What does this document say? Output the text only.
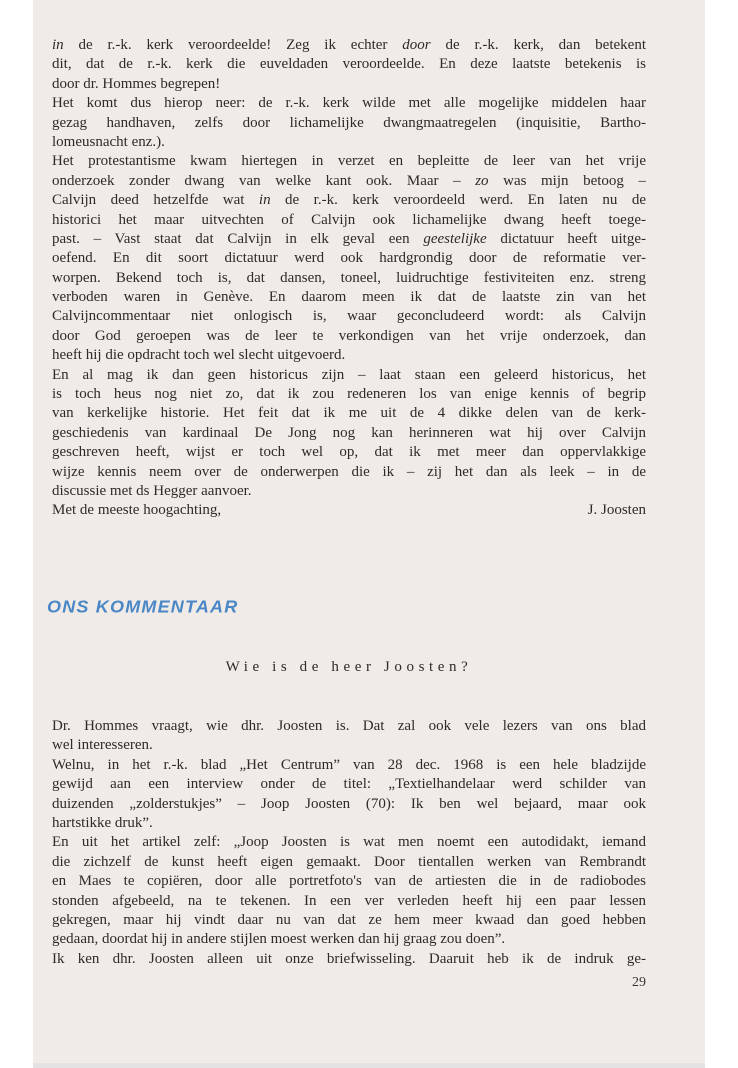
in de r.-k. kerk veroordeelde! Zeg ik echter door de r.-k. kerk, dan betekent
dit, dat de r.-k. kerk die euveldaden veroordeelde. En deze laatste betekenis is
door dr. Hommes begrepen!
Het komt dus hierop neer: de r.-k. kerk wilde met alle mogelijke middelen haar
gezag handhaven, zelfs door lichamelijke dwangmaatregelen (inquisitie, Bartho-
lomeusnacht enz.).
Het protestantisme kwam hiertegen in verzet en bepleitte de leer van het vrije
onderzoek zonder dwang van welke kant ook. Maar – zo was mijn betoog –
Calvijn deed hetzelfde wat in de r.-k. kerk veroordeeld werd. En laten nu de
historici het maar uitvechten of Calvijn ook lichamelijke dwang heeft toege-
past. – Vast staat dat Calvijn in elk geval een geestelijke dictatuur heeft uitge-
oefend. En dit soort dictatuur werd ook hardgrondig door de reformatie ver-
worpen. Bekend toch is, dat dansen, toneel, luidruchtige festiviteiten enz. streng
verboden waren in Genève. En daarom meen ik dat de laatste zin van het
Calvijncommentaar niet onlogisch is, waar geconcludeerd wordt: als Calvijn
door God geroepen was de leer te verkondigen van het vrije onderzoek, dan
heeft hij die opdracht toch wel slecht uitgevoerd.
En al mag ik dan geen historicus zijn – laat staan een geleerd historicus, het
is toch heus nog niet zo, dat ik zou redeneren los van enige kennis of begrip
van kerkelijke historie. Het feit dat ik me uit de 4 dikke delen van de kerk-
geschiedenis van kardinaal De Jong nog kan herinneren wat hij over Calvijn
geschreven heeft, wijst er toch wel op, dat ik met meer dan oppervlakkige
wijze kennis neem over de onderwerpen die ik – zij het dan als leek – in de
discussie met ds Hegger aanvoer.
Met de meeste hoogachting,	J. Joosten
ONS KOMMENTAAR
Wie is de heer Joosten?
Dr. Hommes vraagt, wie dhr. Joosten is. Dat zal ook vele lezers van ons blad
wel interesseren.
Welnu, in het r.-k. blad „Het Centrum” van 28 dec. 1968 is een hele bladzijde
gewijd aan een interview onder de titel: „Textielhandelaar werd schilder van
duizenden „zolderstukjes” – Joop Joosten (70): Ik ben wel bejaard, maar ook
hartstikke druk”.
En uit het artikel zelf: „Joop Joosten is wat men noemt een autodidakt, iemand
die zichzelf de kunst heeft eigen gemaakt. Door tientallen werken van Rembrandt
en Maes te copiëren, door alle portretfoto's van de artiesten die in de radiobodes
stonden afgebeeld, na te tekenen. In een ver verleden heeft hij een paar lessen
gekregen, maar hij vindt daar nu van dat ze hem meer kwaad dan goed hebben
gedaan, doordat hij in andere stijlen moest werken dan hij graag zou doen”.
Ik ken dhr. Joosten alleen uit onze briefwisseling. Daaruit heb ik de indruk ge-
29
